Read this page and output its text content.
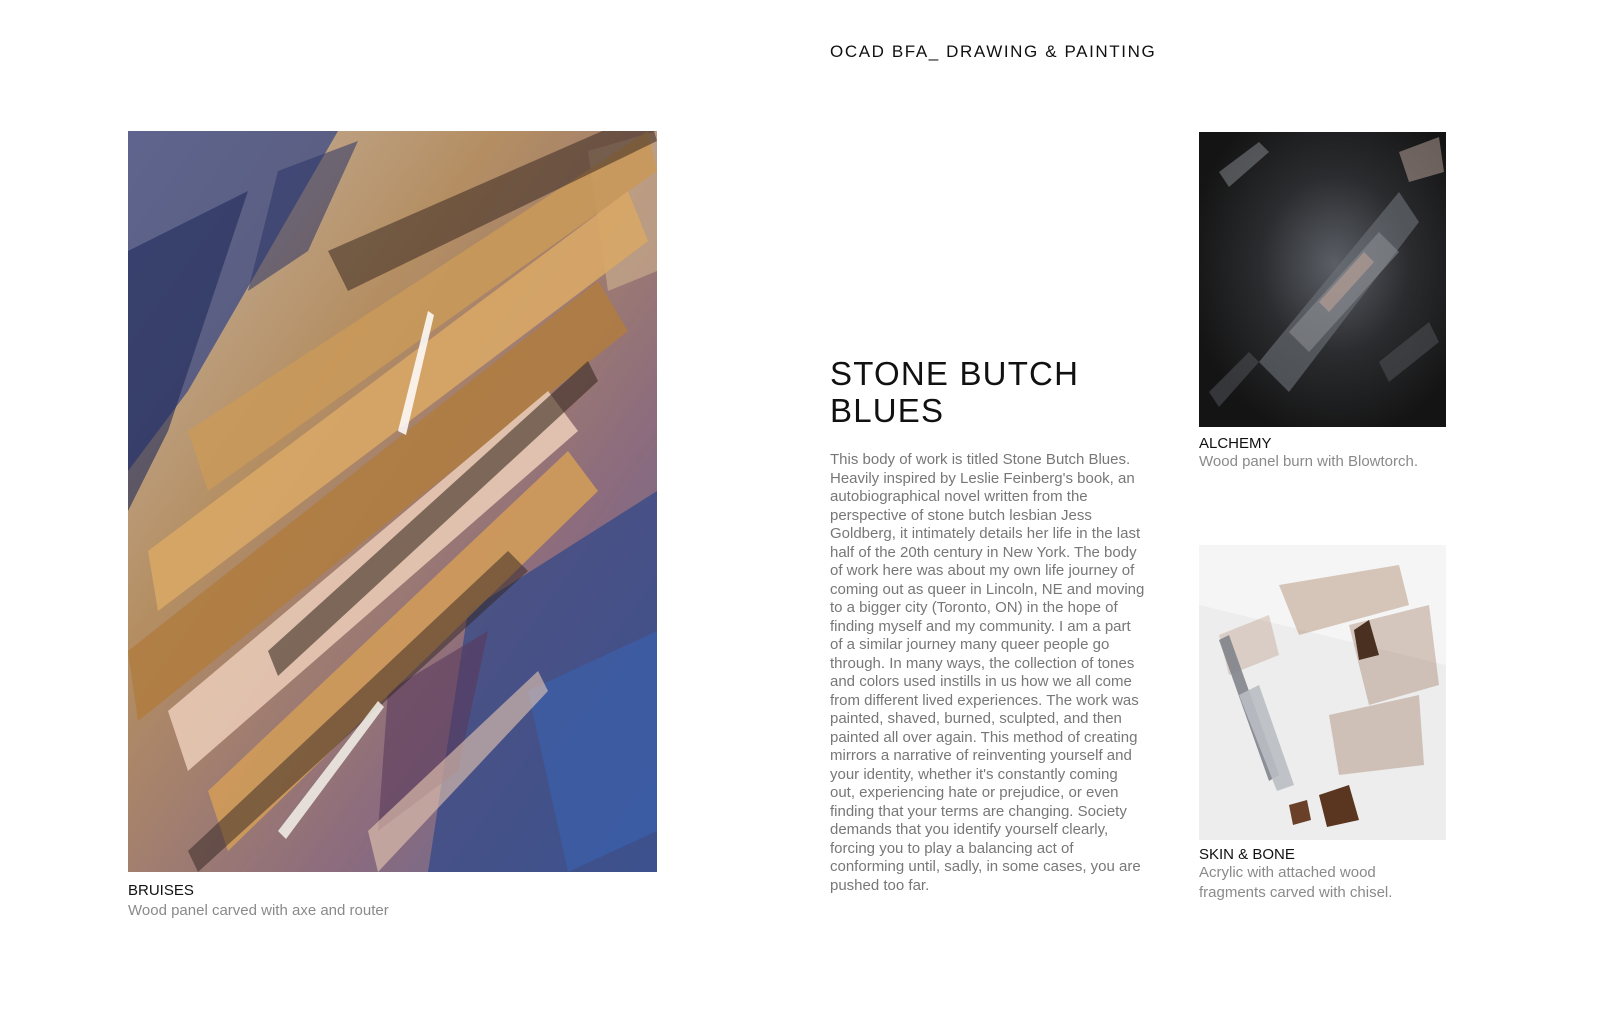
OCAD BFA_ DRAWING & PAINTING
BRUISES
Wood panel carved with axe and router
STONE BUTCH BLUES
This body of work is titled Stone Butch Blues. Heavily inspired by Leslie Feinberg's book, an autobiographical novel written from the perspective of stone butch lesbian Jess Goldberg, it intimately details her life in the last half of the 20th century in New York. The body of work here was about my own life journey of coming out as queer in Lincoln, NE and moving to a bigger city (Toronto, ON) in the hope of finding myself and my community. I am a part of a similar journey many queer people go through. In many ways, the collection of tones and colors used instills in us how we all come from different lived experiences. The work was painted, shaved, burned, sculpted, and then painted all over again. This method of creating mirrors a narrative of reinventing yourself and your identity, whether it's constantly coming out, experiencing hate or prejudice, or even finding that your terms are changing. Society demands that you identify yourself clearly, forcing you to play a balancing act of conforming until, sadly, in some cases, you are pushed too far.
ALCHEMY
Wood panel burn with Blowtorch.
SKIN & BONE
Acrylic with attached wood fragments carved with chisel.
